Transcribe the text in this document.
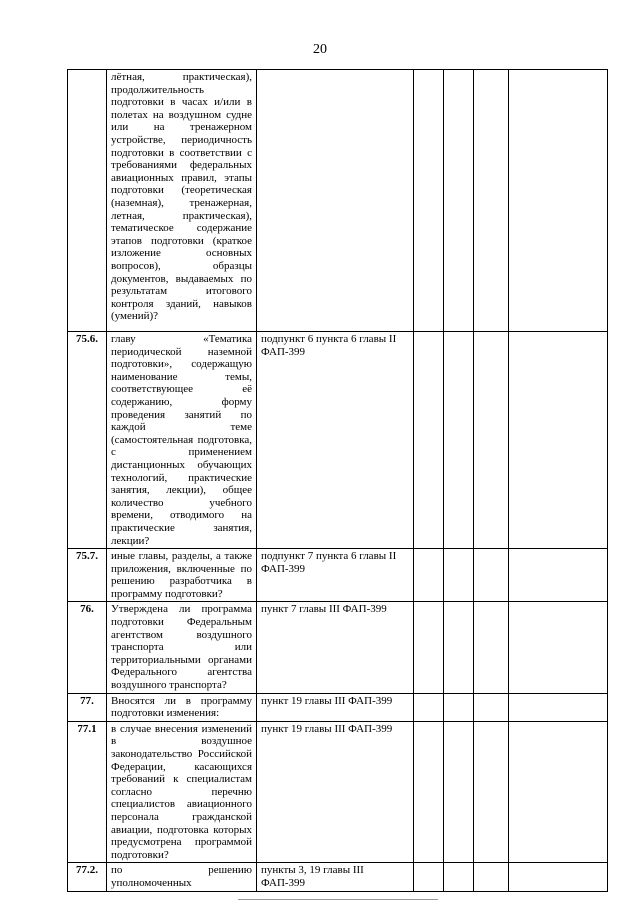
20
	лётная, практическая), продолжительность подготовки в часах и/или в полетах на воздушном судне или на тренажерном устройстве, периодичность подготовки в соответствии с требованиями федеральных авиационных правил, этапы подготовки (теоретическая (наземная), тренажерная, летная, практическая), тематическое содержание этапов подготовки (краткое изложение основных вопросов), образцы документов, выдаваемых по результатам итогового контроля зданий, навыков (умений)?					
75.6.	главу «Тематика периодической наземной подготовки», содержащую наименование темы, соответствующее её содержанию, форму проведения занятий по каждой теме (самостоятельная подготовка, с применением дистанционных обучающих технологий, практические занятия, лекции), общее количество учебного времени, отводимого на практические занятия, лекции?	подпункт 6 пункта 6 главы II ФАП-399				
75.7.	иные главы, разделы, а также приложения, включенные по решению разработчика в программу подготовки?	подпункт 7 пункта 6 главы II ФАП-399				
76.	Утверждена ли программа подготовки Федеральным агентством воздушного транспорта или территориальными органами Федерального агентства воздушного транспорта?	пункт 7 главы III ФАП-399				
77.	Вносятся ли в программу подготовки изменения:	пункт 19 главы III ФАП-399				
77.1	в случае внесения изменений в воздушное законодательство Российской Федерации, касающихся требований к специалистам согласно перечню специалистов авиационного персонала гражданской авиации, подготовка которых предусмотрена программой подготовки?	пункт 19 главы III ФАП-399				
77.2.	по решению уполномоченных	пункты 3, 19 главы III ФАП-399				
